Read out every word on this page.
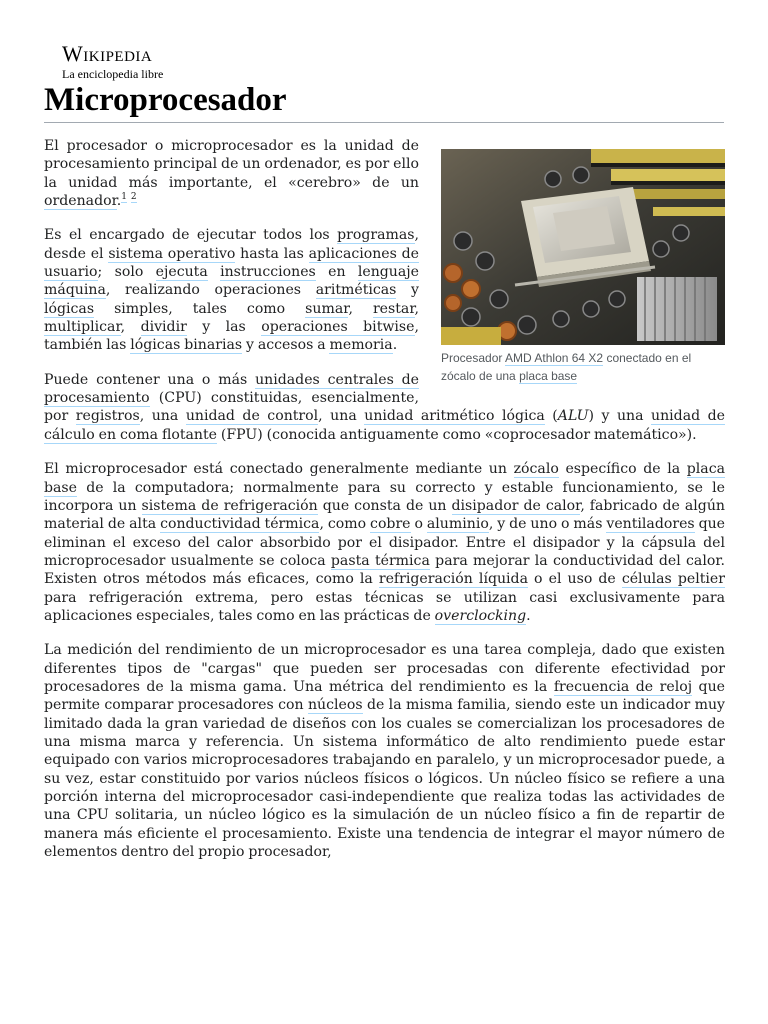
Wikipedia
La enciclopedia libre
Microprocesador
Procesador AMD Athlon 64 X2 conectado en el zócalo de una placa base

El procesador o microprocesador es la unidad de procesamiento principal de un ordenador, es por ello la unidad más importante, el «cerebro» de un ordenador.$^1$ $^2$

Es el encargado de ejecutar todos los programas, desde el sistema operativo hasta las aplicaciones de usuario; solo ejecuta instrucciones en lenguaje máquina, realizando operaciones aritméticas y lógicas simples, tales como sumar, restar, multiplicar, dividir y las operaciones bitwise, también las lógicas binarias y accesos a memoria.

Puede contener una o más unidades centrales de procesamiento (CPU) constituidas, esencialmente, por registros, una unidad de control, una unidad aritmético lógica (ALU) y una unidad de cálculo en coma flotante (FPU) (conocida antiguamente como «coprocesador matemático»).

El microprocesador está conectado generalmente mediante un zócalo específico de la placa base de la computadora; normalmente para su correcto y estable funcionamiento, se le incorpora un sistema de refrigeración que consta de un disipador de calor, fabricado de algún material de alta conductividad térmica, como cobre o aluminio, y de uno o más ventiladores que eliminan el exceso del calor absorbido por el disipador. Entre el disipador y la cápsula del microprocesador usualmente se coloca pasta térmica para mejorar la conductividad del calor. Existen otros métodos más eficaces, como la refrigeración líquida o el uso de células peltier para refrigeración extrema, pero estas técnicas se utilizan casi exclusivamente para aplicaciones especiales, tales como en las prácticas de overclocking.

La medición del rendimiento de un microprocesador es una tarea compleja, dado que existen diferentes tipos de "cargas" que pueden ser procesadas con diferente efectividad por procesadores de la misma gama. Una métrica del rendimiento es la frecuencia de reloj que permite comparar procesadores con núcleos de la misma familia, siendo este un indicador muy limitado dada la gran variedad de diseños con los cuales se comercializan los procesadores de una misma marca y referencia. Un sistema informático de alto rendimiento puede estar equipado con varios microprocesadores trabajando en paralelo, y un microprocesador puede, a su vez, estar constituido por varios núcleos físicos o lógicos. Un núcleo físico se refiere a una porción interna del microprocesador casi-independiente que realiza todas las actividades de una CPU solitaria, un núcleo lógico es la simulación de un núcleo físico a fin de repartir de manera más eficiente el procesamiento. Existe una tendencia de integrar el mayor número de elementos dentro del propio procesador,
